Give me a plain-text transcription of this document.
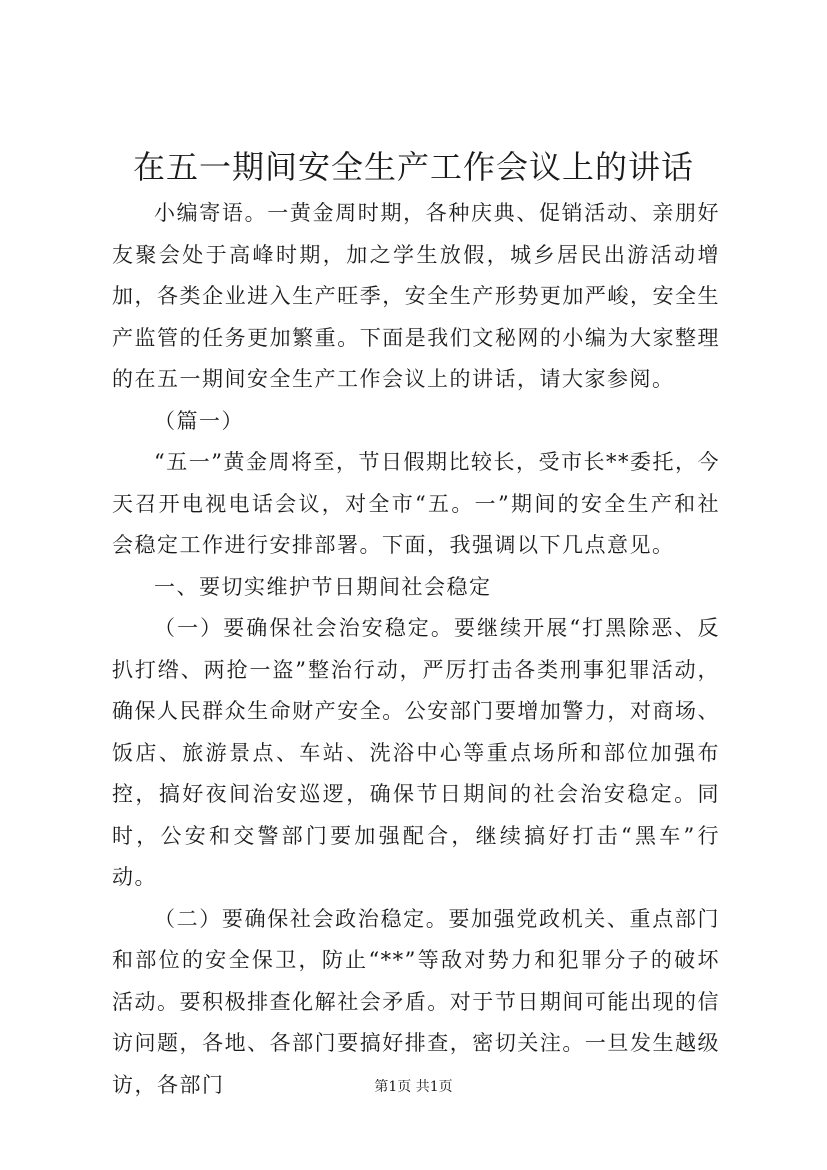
在五一期间安全生产工作会议上的讲话

小编寄语。一黄金周时期，各种庆典、促销活动、亲朋好友聚会处于高峰时期，加之学生放假，城乡居民出游活动增加，各类企业进入生产旺季，安全生产形势更加严峻，安全生产监管的任务更加繁重。下面是我们文秘网的小编为大家整理的在五一期间安全生产工作会议上的讲话，请大家参阅。

（篇一）

“五一”黄金周将至，节日假期比较长，受市长**委托，今天召开电视电话会议，对全市“五。一”期间的安全生产和社会稳定工作进行安排部署。下面，我强调以下几点意见。

一、要切实维护节日期间社会稳定

（一）要确保社会治安稳定。要继续开展“打黑除恶、反扒打绺、两抢一盗”整治行动，严厉打击各类刑事犯罪活动，确保人民群众生命财产安全。公安部门要增加警力，对商场、饭店、旅游景点、车站、洗浴中心等重点场所和部位加强布控，搞好夜间治安巡逻，确保节日期间的社会治安稳定。同时，公安和交警部门要加强配合，继续搞好打击“黑车”行动。

（二）要确保社会政治稳定。要加强党政机关、重点部门和部位的安全保卫，防止“**”等敌对势力和犯罪分子的破坏活动。要积极排查化解社会矛盾。对于节日期间可能出现的信访问题，各地、各部门要搞好排查，密切关注。一旦发生越级访，各部门	第1页 共1页
